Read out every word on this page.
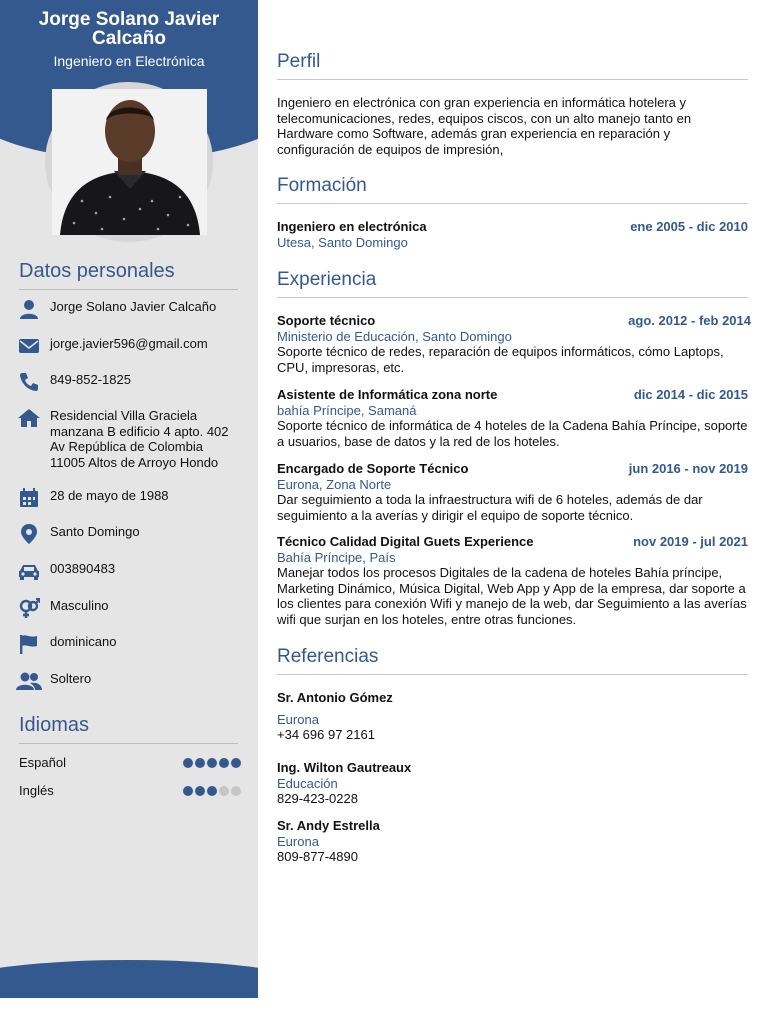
Jorge Solano Javier Calcaño
Ingeniero en Electrónica
Datos personales
Jorge Solano Javier Calcaño
jorge.javier596@gmail.com
849-852-1825
Residencial Villa Graciela
manzana B edificio 4 apto. 402
Av República de Colombia
11005 Altos de Arroyo Hondo
28 de mayo de 1988
Santo Domingo
003890483
Masculino
dominicano
Soltero
Idiomas
Español
Inglés
Perfil
Ingeniero en electrónica con gran experiencia en informática hotelera y telecomunicaciones, redes, equipos ciscos, con un alto manejo tanto en Hardware como Software, además gran experiencia en reparación y configuración de equipos de impresión,
Formación
Ingeniero en electrónica	ene 2005 - dic 2010
Utesa, Santo Domingo
Experiencia
Soporte técnico	ago. 2012 - feb 2014
Ministerio de Educación, Santo Domingo
Soporte técnico de redes, reparación de equipos informáticos, cómo Laptops, CPU, impresoras, etc.
Asistente de Informática zona norte	dic 2014 - dic 2015
bahía Príncipe, Samaná
Soporte técnico de informática de 4 hoteles de la Cadena Bahía Príncipe, soporte a usuarios, base de datos y la red de los hoteles.
Encargado de Soporte Técnico	jun 2016 - nov 2019
Eurona, Zona Norte
Dar seguimiento a toda la infraestructura wifi de 6 hoteles, además de dar seguimiento a la averías y dirigir el equipo de soporte técnico.
Técnico Calidad Digital Guets Experience	nov 2019 - jul 2021
Bahía Príncipe, País
Manejar todos los procesos Digitales de la cadena de hoteles Bahía príncipe, Marketing Dinámico, Música Digital, Web App y App de la empresa, dar soporte a los clientes para conexión Wifi y manejo de la web, dar Seguimiento a las averías wifi que surjan en los hoteles, entre otras funciones.
Referencias
Sr. Antonio Gómez
Eurona
+34 696 97 2161
Ing. Wilton Gautreaux
Educación
829-423-0228
Sr. Andy Estrella
Eurona
809-877-4890
